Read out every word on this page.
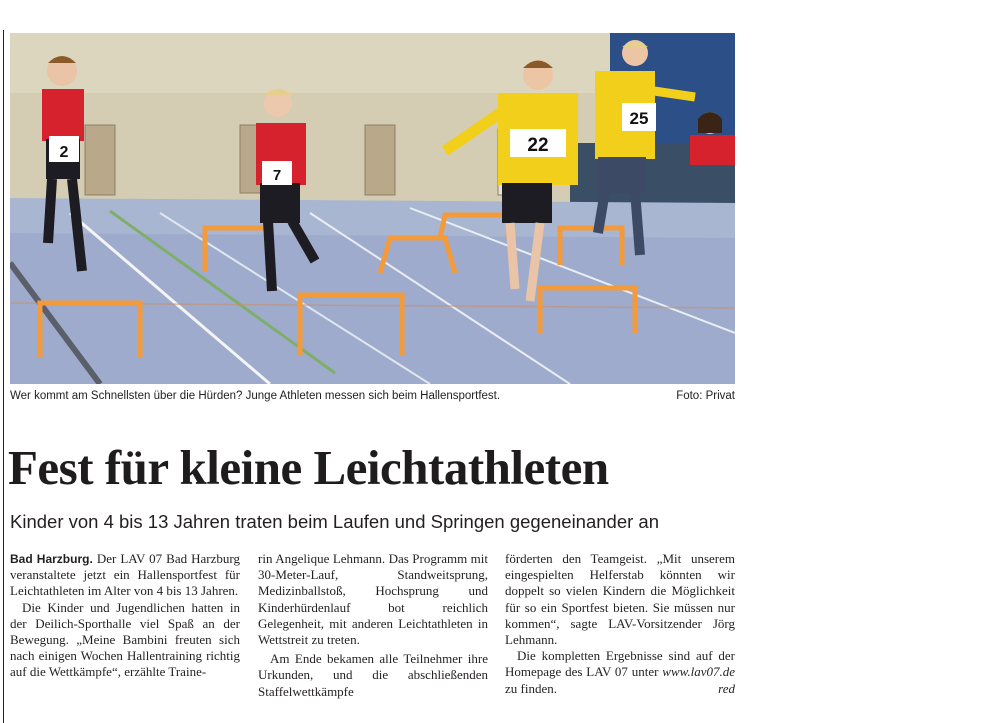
2
7
22
25
Wer kommt am Schnellsten über die Hürden? Junge Athleten messen sich beim Hallensportfest.	Foto: Privat
Fest für kleine Leichtathleten
Kinder von 4 bis 13 Jahren traten beim Laufen und Springen gegeneinander an

Bad Harzburg. Der LAV 07 Bad Harzburg veranstaltete jetzt ein Hallensportfest für Leichtathleten im Alter von 4 bis 13 Jahren.

Die Kinder und Jugendlichen hatten in der Deilich-Sporthalle viel Spaß an der Bewegung. „Meine Bambini freuten sich nach einigen Wochen Hallentraining richtig auf die Wettkämpfe“, erzählte Traine-

rin Angelique Lehmann. Das Programm mit 30-Meter-Lauf, Standweitsprung, Medizinballstoß, Hochsprung und Kinderhürdenlauf bot reichlich Gelegenheit, mit anderen Leichtathleten in Wettstreit zu treten.

Am Ende bekamen alle Teilnehmer ihre Urkunden, und die abschließenden Staffelwettkämpfe

förderten den Teamgeist. „Mit unserem eingespielten Helferstab könnten wir doppelt so vielen Kindern die Möglichkeit für so ein Sportfest bieten. Sie müssen nur kommen“, sagte LAV-Vorsitzender Jörg Lehmann.

Die kompletten Ergebnisse sind auf der Homepage des LAV 07 unter www.lav07.de zu finden.	red
